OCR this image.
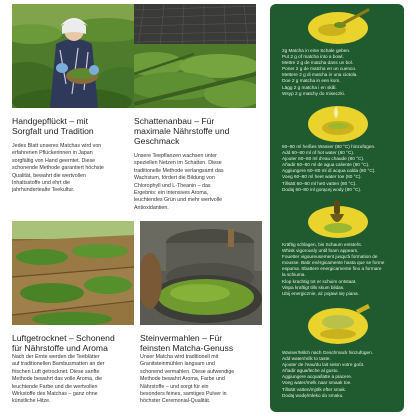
Handgepflückt – mit
Sorgfalt und Tradition

Jedes Blatt unseres Matchas wird von
erfahrenen Pflückerinnen in Japan
sorgfältig von Hand geerntet. Diese
schonende Methode garantiert höchste
Qualität, bewahrt die wertvollen
Inhaltsstoffe und ehrt die
jahrhundertealte Teekultur.

Schattenanbau – Für
maximale Nährstoffe und
Geschmack

Unsere Teepflanzen wachsen unter
speziellen Netzen im Schatten. Diese
traditionelle Methode verlangsamt das
Wachstum, fördert die Bildung von
Chlorophyll und L-Theanin – das
Ergebnis: ein intensives Aroma,
leuchtendes Grün und mehr wertvolle
Antioxidantien.

Luftgetrocknet – Schonend
für Nährstoffe und Aroma

Nach der Ernte werden die Teeblätter
auf traditionellen Bambusmatten an der
frischen Luft getrocknet. Diese sanfte
Methode bewahrt das volle Aroma, die
leuchtende Farbe und die wertvollen
Wirkstoffe des Matchas – ganz ohne
künstliche Hitze.

Steinvermahlen – Für
feinsten Matcha-Genuss

Unser Matcha wird traditionell mit
Granitsteinmühlen langsam und
schonend vermahlen. Diese aufwendige
Methode bewahrt Aroma, Farbe und
Nährstoffe – und sorgt für ein
besonders feines, samtiges Pulver in
höchster Ceremonial-Qualität.

2g Matcha in eine Schale geben.
Put 2 g of matcha into a bowl.
Mettre 2 g de matcha dans un bol.
Poner 2 g de matcha en un cuenco.
Mettere 2 g di matcha in una ciotola.
Doe 2 g matcha in een kom.
Lägg 2 g matcha i en skål.
Wsyp 2 g matchy do miseczki.
60–80 ml heißes Wasser (80 °C) hinzufügen.
Add 60–80 ml of hot water (80 °C).
Ajouter 60–80 ml d'eau chaude (80 °C).
Añadir 60–80 ml de agua caliente (80 °C).
Aggiungere 60–80 ml di acqua calda (80 °C).
Voeg 60–80 ml heet water toe (80 °C).
Tillsätt 60–80 ml hett vatten (80 °C).
Dodaj 60–80 ml gorącej wody (80 °C).
Kräftig schlagen, bis Schaum entsteht.
Whisk vigorously until foam appears.
Fouetter vigoureusement jusqu'à formation de
mousse. Batir enérgicamente hasta que se forme
espuma. Sbattere energicamente fino a formare
la schiuma.
Klop krachtig tot er schuim ontstaat.
Vispa kraftigt tills skum bildas.
Ubij energicznie, aż pojawi się piana.
Wasser/Milch nach Geschmack hinzufügen.
Add water/milk to taste.
Ajouter de l'eau/du lait selon votre goût.
Añadir agua/leche al gusto.
Aggiungere acqua/latte a piacere.
Voeg water/melk naar smaak toe.
Tillsätt vatten/mjölk efter smak.
Dodaj wodę/mleko do smaku.
